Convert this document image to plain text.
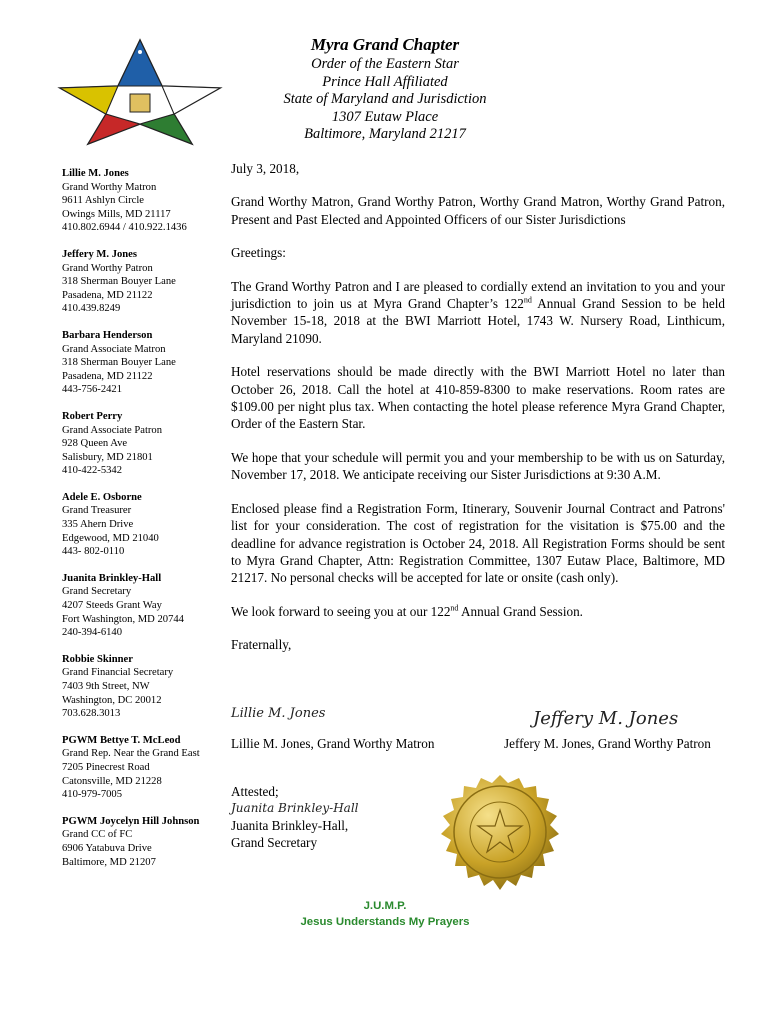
Myra Grand Chapter
Order of the Eastern Star
Prince Hall Affiliated
State of Maryland and Jurisdiction
1307 Eutaw Place
Baltimore, Maryland 21217
Lillie M. Jones
Grand Worthy Matron
9611 Ashlyn Circle
Owings Mills, MD 21117
410.802.6944 / 410.922.1436
Jeffery M. Jones
Grand Worthy Patron
318 Sherman Bouyer Lane
Pasadena, MD 21122
410.439.8249
Barbara Henderson
Grand Associate Matron
318 Sherman Bouyer Lane
Pasadena, MD 21122
443-756-2421
Robert Perry
Grand Associate Patron
928 Queen Ave
Salisbury, MD 21801
410-422-5342
Adele E. Osborne
Grand Treasurer
335 Ahern Drive
Edgewood, MD 21040
443- 802-0110
Juanita Brinkley-Hall
Grand Secretary
4207 Steeds Grant Way
Fort Washington, MD 20744
240-394-6140
Robbie Skinner
Grand Financial Secretary
7403 9th Street, NW
Washington, DC 20012
703.628.3013
PGWM Bettye T. McLeod
Grand Rep. Near the Grand East
7205 Pinecrest Road
Catonsville, MD 21228
410-979-7005
PGWM Joycelyn Hill Johnson
Grand CC of FC
6906 Yatabuva Drive
Baltimore, MD 21207

July 3, 2018,

Grand Worthy Matron, Grand Worthy Patron, Worthy Grand Matron, Worthy Grand Patron, Present and Past Elected and Appointed Officers of our Sister Jurisdictions

Greetings:

The Grand Worthy Patron and I are pleased to cordially extend an invitation to you and your jurisdiction to join us at Myra Grand Chapter’s 122nd Annual Grand Session to be held November 15-18, 2018 at the BWI Marriott Hotel, 1743 W. Nursery Road, Linthicum, Maryland 21090.

Hotel reservations should be made directly with the BWI Marriott Hotel no later than October 26, 2018. Call the hotel at 410-859-8300 to make reservations. Room rates are $109.00 per night plus tax. When contacting the hotel please reference Myra Grand Chapter, Order of the Eastern Star.

We hope that your schedule will permit you and your membership to be with us on Saturday, November 17, 2018. We anticipate receiving our Sister Jurisdictions at 9:30 A.M.

Enclosed please find a Registration Form, Itinerary, Souvenir Journal Contract and Patrons' list for your consideration. The cost of registration for the visitation is $75.00 and the deadline for advance registration is October 24, 2018. All Registration Forms should be sent to Myra Grand Chapter, Attn: Registration Committee, 1307 Eutaw Place, Baltimore, MD 21217. No personal checks will be accepted for late or onsite (cash only).

We look forward to seeing you at our 122nd Annual Grand Session.

Fraternally,

Lillie M. Jones	Jeffery M. Jones
Lillie M. Jones, Grand Worthy Matron	Jeffery M. Jones, Grand Worthy Patron
Attested;
Juanita Brinkley-Hall
Juanita Brinkley-Hall,
Grand Secretary
J.U.M.P.
Jesus Understands My Prayers
